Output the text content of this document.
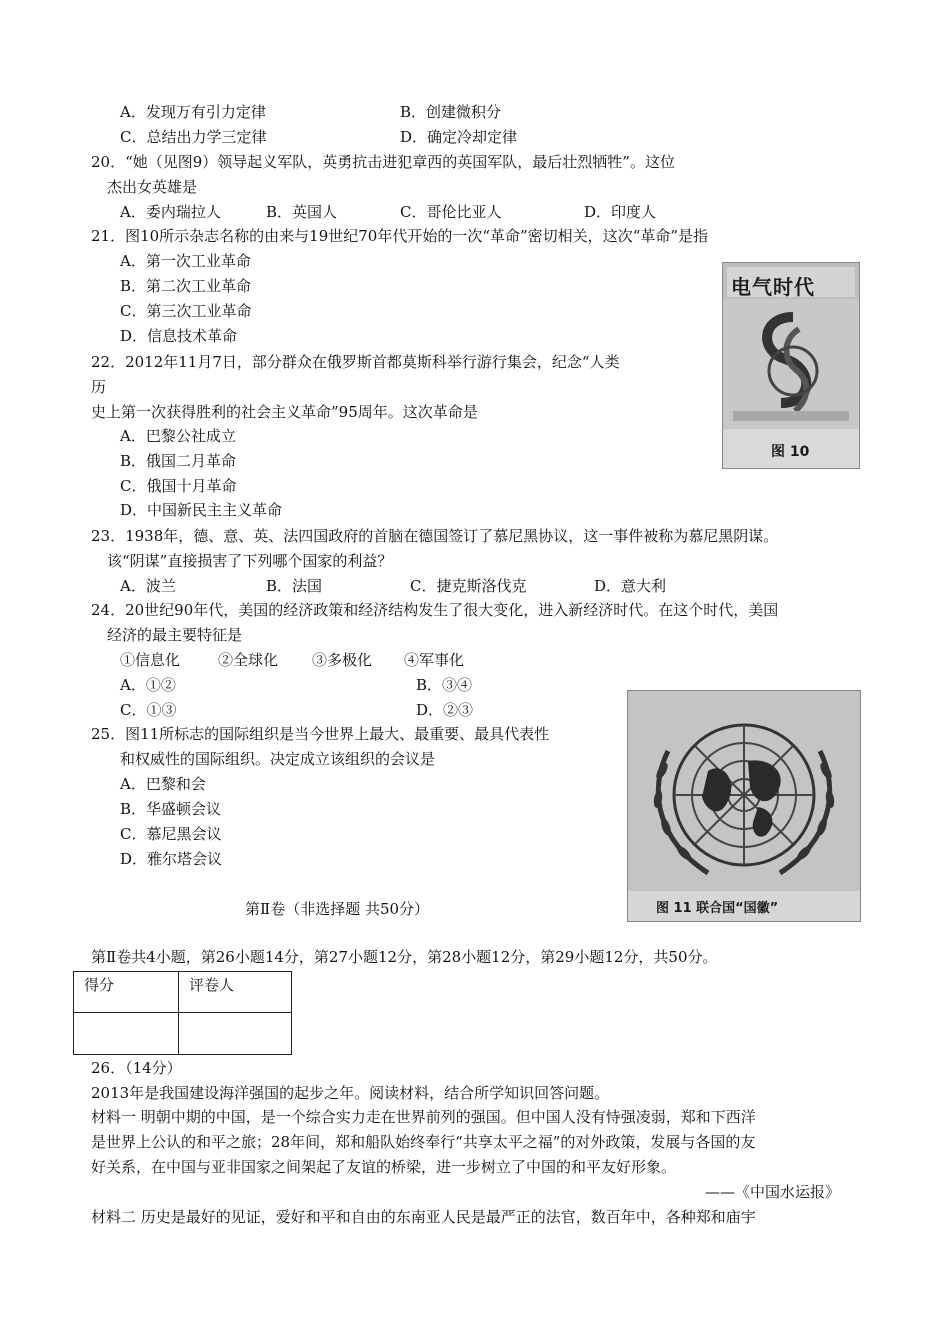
A．发现万有引力定律	B．创建微积分
C．总结出力学三定律	D．确定冷却定律
20．“她（见图9）领导起义军队，英勇抗击进犯章西的英国军队，最后壮烈牺牲”。这位
杰出女英雄是
A．委内瑞拉人	B．英国人	C．哥伦比亚人	D．印度人
21．图10所示杂志名称的由来与19世纪70年代开始的一次“革命”密切相关，这次“革命”是指
A．第一次工业革命
B．第二次工业革命
C．第三次工业革命
D．信息技术革命
电气时代
图 10
22．2012年11月7日，部分群众在俄罗斯首都莫斯科举行游行集会，纪念“人类
历
史上第一次获得胜利的社会主义革命”95周年。这次革命是
A．巴黎公社成立
B．俄国二月革命
C．俄国十月革命
D．中国新民主主义革命
23．1938年，德、意、英、法四国政府的首脑在德国签订了慕尼黑协议，这一事件被称为慕尼黑阴谋。
该“阴谋”直接损害了下列哪个国家的利益？
A．波兰	B．法国	C．捷克斯洛伐克	D．意大利
24．20世纪90年代，美国的经济政策和经济结构发生了很大变化，进入新经济时代。在这个时代，美国
经济的最主要特征是
①信息化	②全球化 ③多极化 ④军事化
A．①②	B．③④
C．①③	D．②③
图 11 联合国“国徽”
25．图11所标志的国际组织是当今世界上最大、最重要、最具代表性
和权威性的国际组织。决定成立该组织的会议是
A．巴黎和会
B．华盛顿会议
C．慕尼黑会议
D．雅尔塔会议
第Ⅱ卷（非选择题 共50分）
第Ⅱ卷共4小题，第26小题14分，第27小题12分，第28小题12分，第29小题12分，共50分。
得分	评卷人

26．（14分）
2013年是我国建设海洋强国的起步之年。阅读材料，结合所学知识回答问题。
材料一 明朝中期的中国，是一个综合实力走在世界前列的强国。但中国人没有恃强凌弱，郑和下西洋
是世界上公认的和平之旅；28年间，郑和船队始终奉行“共享太平之福”的对外政策，发展与各国的友
好关系，在中国与亚非国家之间架起了友谊的桥梁，进一步树立了中国的和平友好形象。
——《中国水运报》
材料二 历史是最好的见证，爱好和平和自由的东南亚人民是最严正的法官，数百年中，各种郑和庙宇
